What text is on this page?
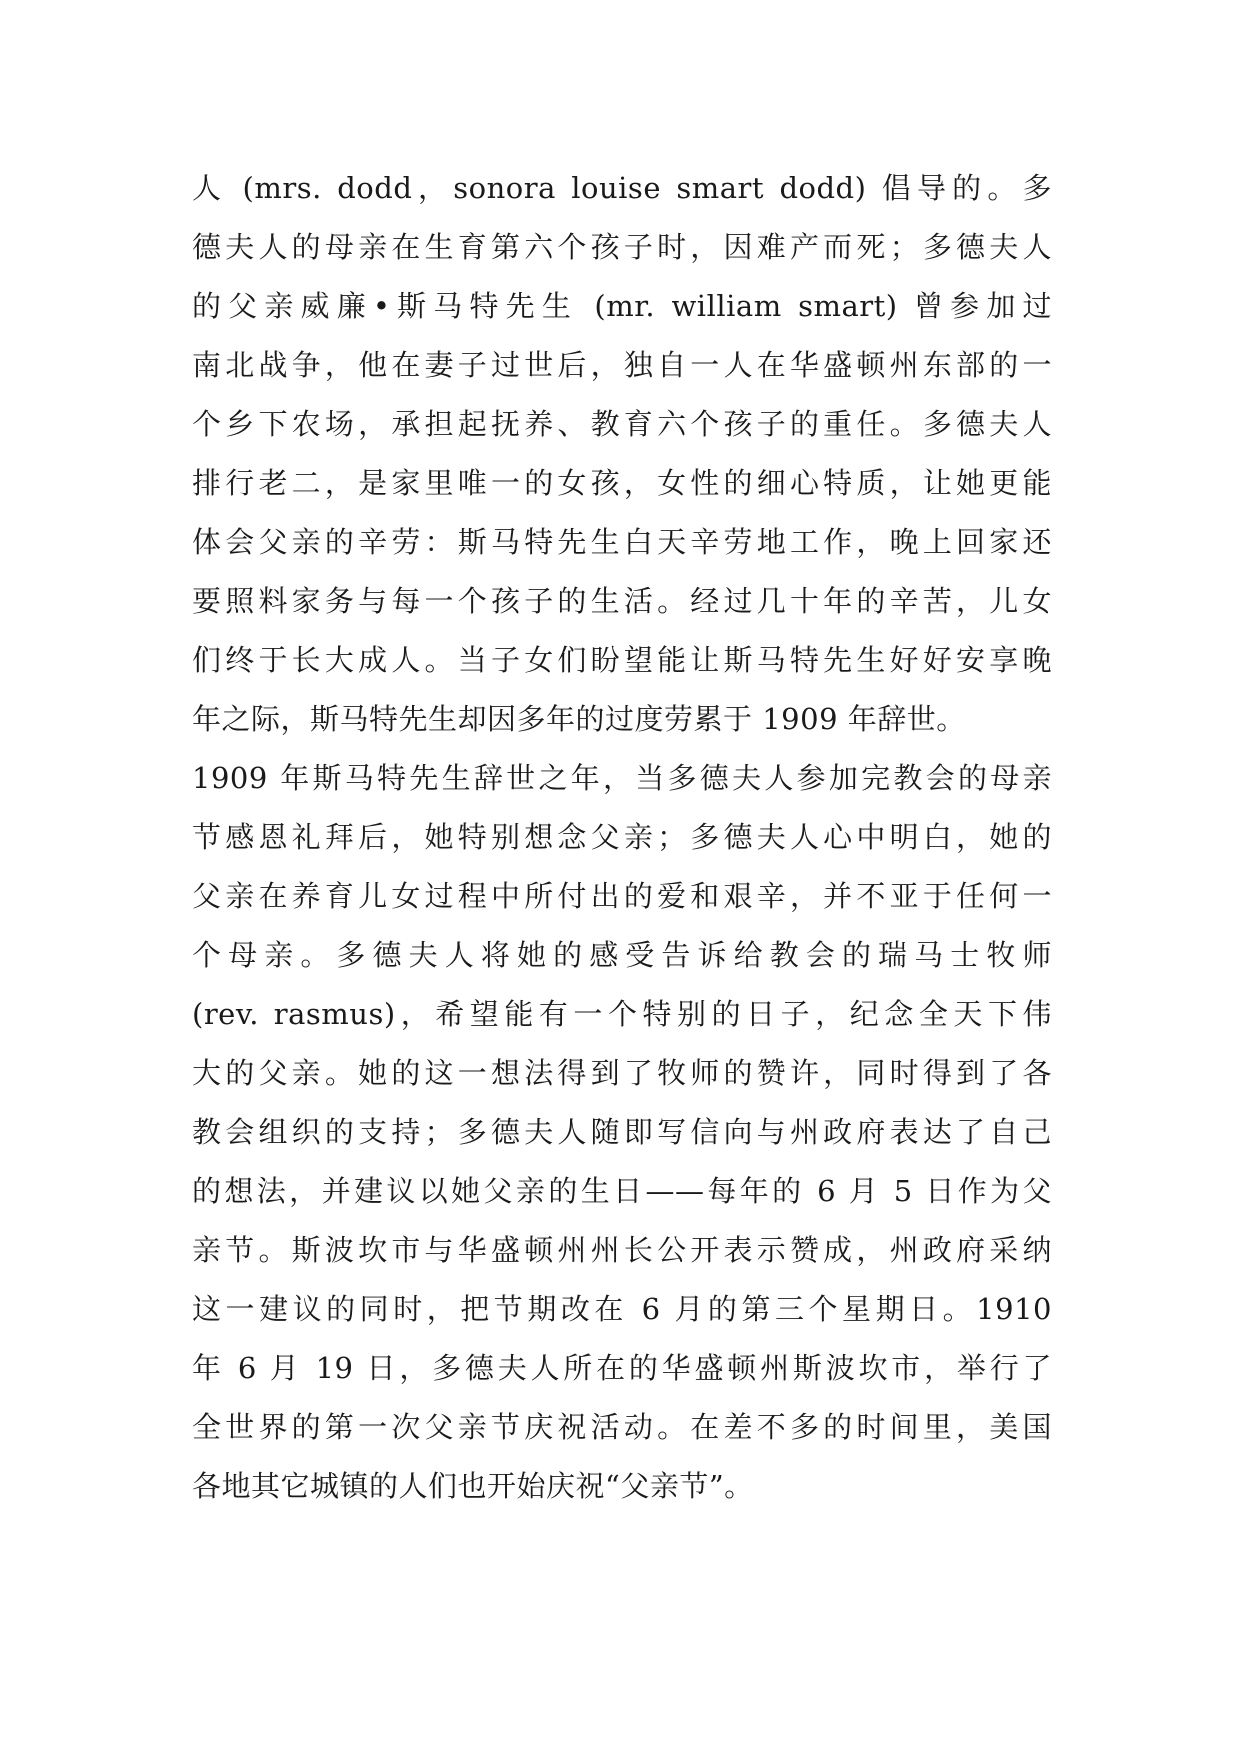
人 (mrs. dodd，sonora louise smart dodd) 倡导的。多
德夫人的母亲在生育第六个孩子时，因难产而死；多德夫人
的父亲威廉•斯马特先生 (mr. william smart) 曾参加过
南北战争，他在妻子过世后，独自一人在华盛顿州东部的一
个乡下农场，承担起抚养、教育六个孩子的重任。多德夫人
排行老二，是家里唯一的女孩，女性的细心特质，让她更能
体会父亲的辛劳：斯马特先生白天辛劳地工作，晚上回家还
要照料家务与每一个孩子的生活。经过几十年的辛苦，儿女
们终于长大成人。当子女们盼望能让斯马特先生好好安享晚
年之际，斯马特先生却因多年的过度劳累于 1909 年辞世。
1909 年斯马特先生辞世之年，当多德夫人参加完教会的母亲
节感恩礼拜后，她特别想念父亲；多德夫人心中明白，她的
父亲在养育儿女过程中所付出的爱和艰辛，并不亚于任何一
个母亲。多德夫人将她的感受告诉给教会的瑞马士牧师
(rev. rasmus)，希望能有一个特别的日子，纪念全天下伟
大的父亲。她的这一想法得到了牧师的赞许，同时得到了各
教会组织的支持；多德夫人随即写信向与州政府表达了自己
的想法，并建议以她父亲的生日——每年的 6 月 5 日作为父
亲节。斯波坎市与华盛顿州州长公开表示赞成，州政府采纳
这一建议的同时，把节期改在 6 月的第三个星期日。1910
年 6 月 19 日，多德夫人所在的华盛顿州斯波坎市，举行了
全世界的第一次父亲节庆祝活动。在差不多的时间里，美国
各地其它城镇的人们也开始庆祝“父亲节”。
